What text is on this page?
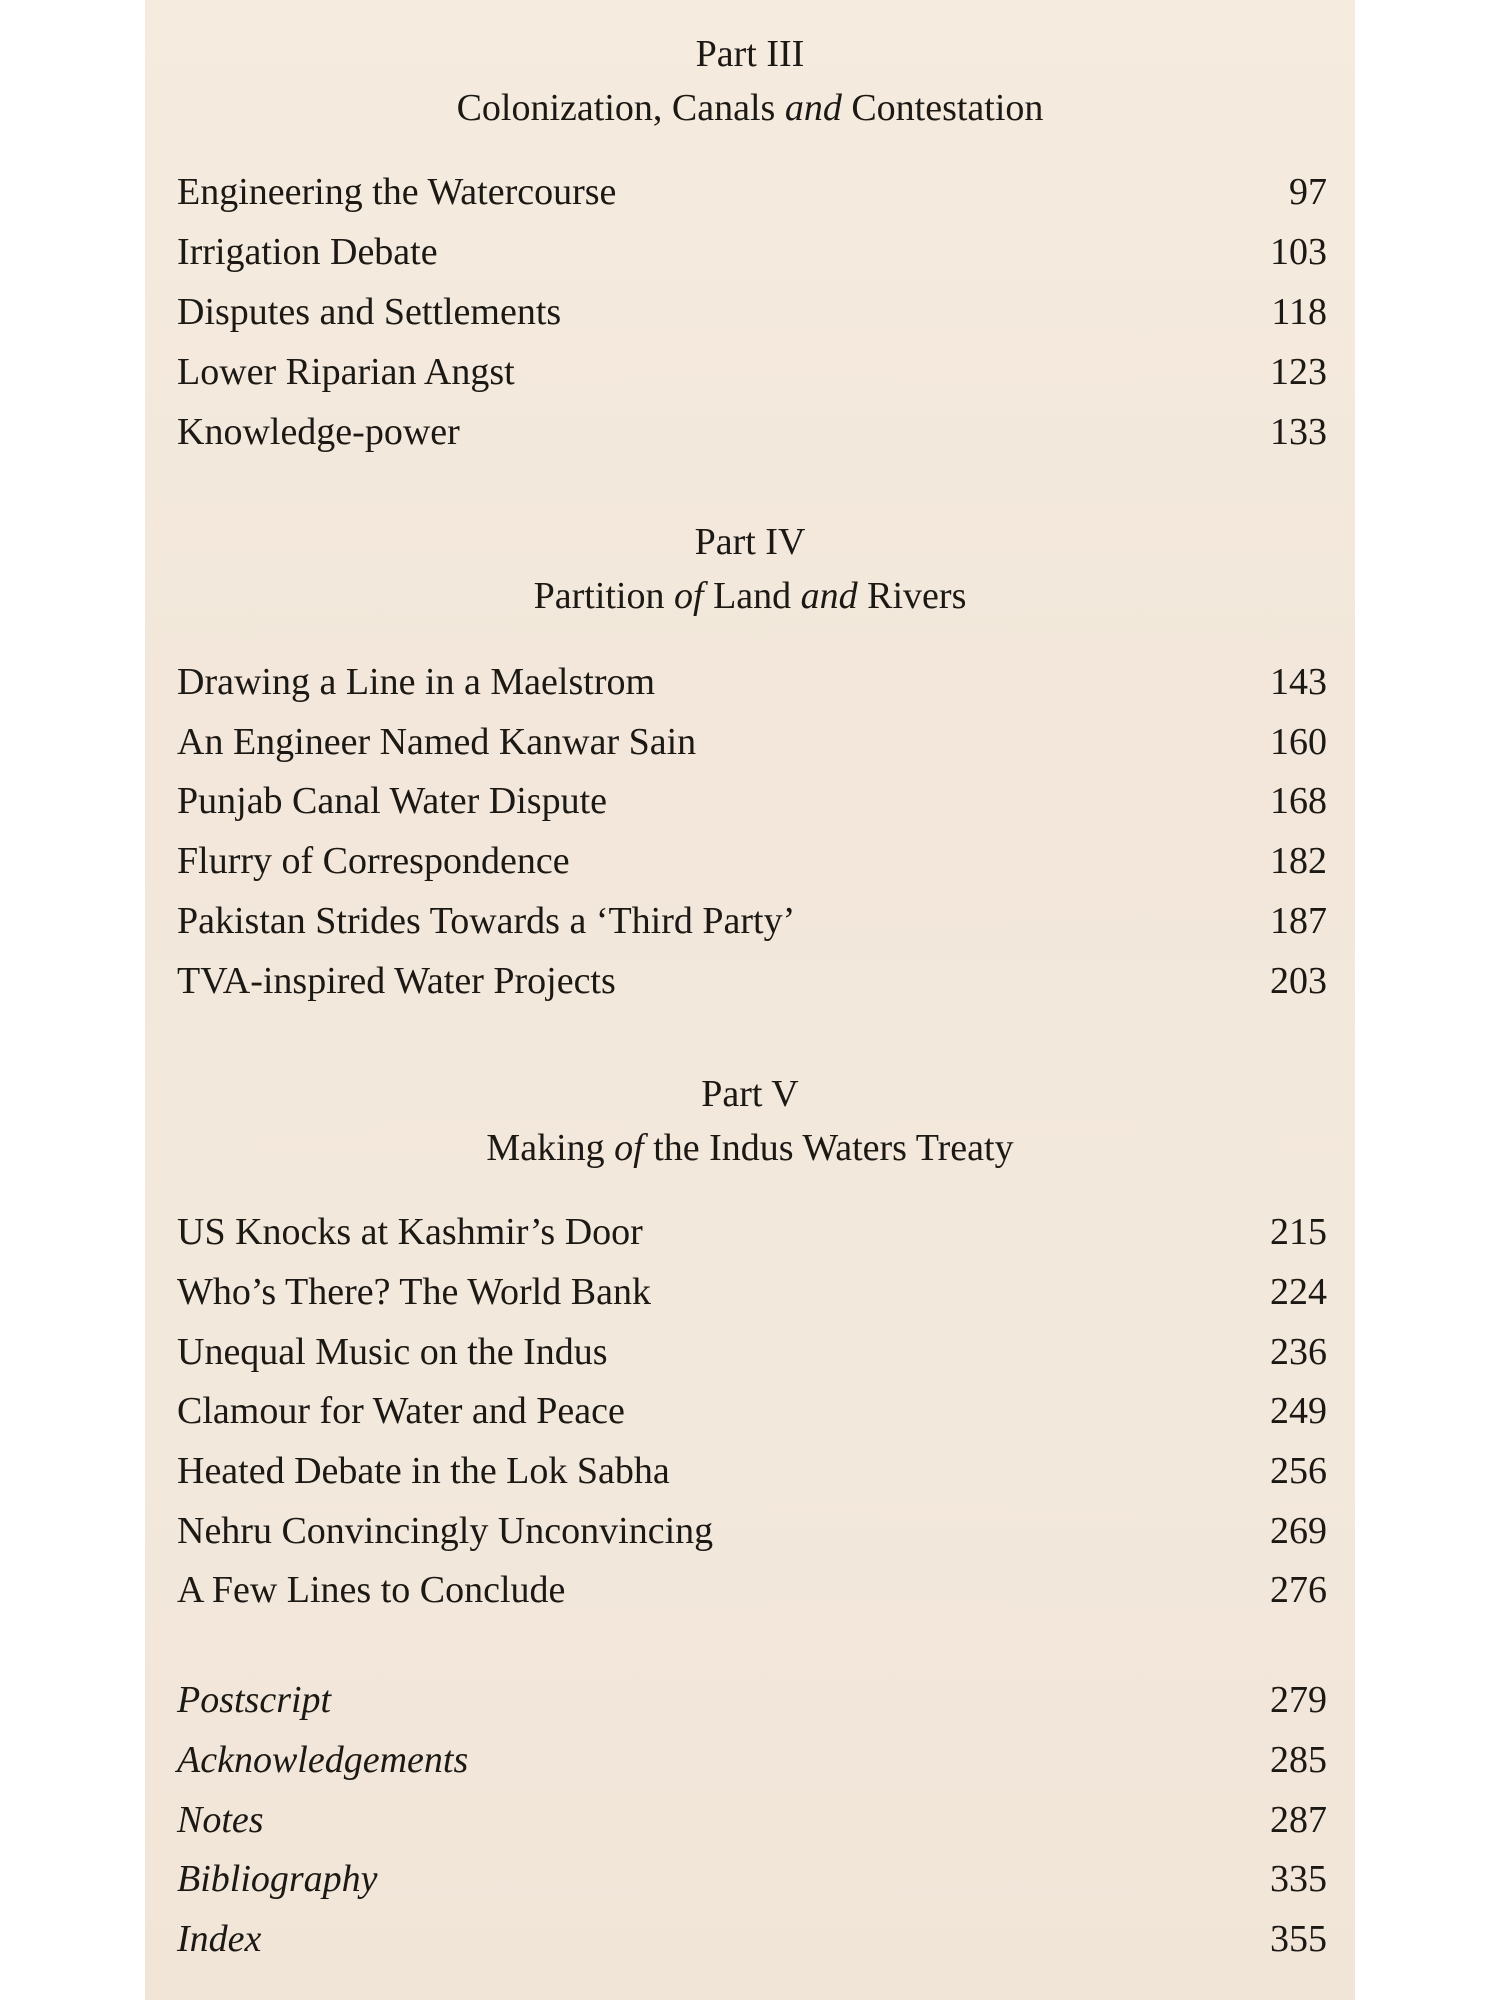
Part III
Colonization, Canals and Contestation
Engineering the Watercourse	97
Irrigation Debate	103
Disputes and Settlements	118
Lower Riparian Angst	123
Knowledge-power	133
Part IV
Partition of Land and Rivers
Drawing a Line in a Maelstrom	143
An Engineer Named Kanwar Sain	160
Punjab Canal Water Dispute	168
Flurry of Correspondence	182
Pakistan Strides Towards a ‘Third Party’	187
TVA-inspired Water Projects	203
Part V
Making of the Indus Waters Treaty
US Knocks at Kashmir’s Door	215
Who’s There? The World Bank	224
Unequal Music on the Indus	236
Clamour for Water and Peace	249
Heated Debate in the Lok Sabha	256
Nehru Convincingly Unconvincing	269
A Few Lines to Conclude	276
Postscript	279
Acknowledgements	285
Notes	287
Bibliography	335
Index	355
